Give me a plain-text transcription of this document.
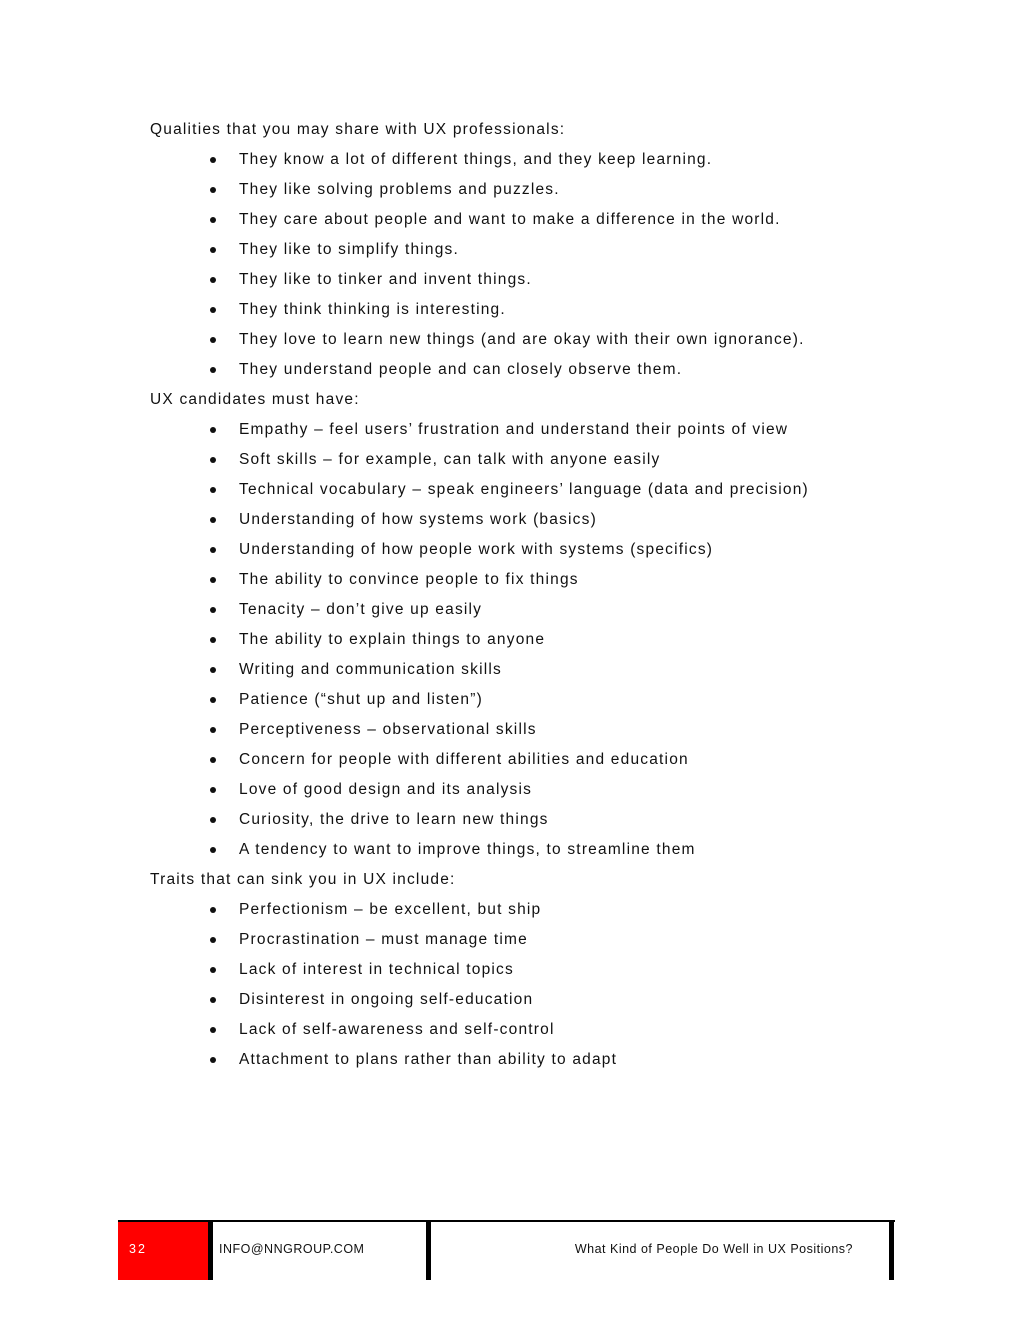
Qualities that you may share with UX professionals:

They know a lot of different things, and they keep learning.
They like solving problems and puzzles.
They care about people and want to make a difference in the world.
They like to simplify things.
They like to tinker and invent things.
They think thinking is interesting.
They love to learn new things (and are okay with their own ignorance).
They understand people and can closely observe them.

UX candidates must have:

Empathy – feel users’ frustration and understand their points of view
Soft skills – for example, can talk with anyone easily
Technical vocabulary – speak engineers’ language (data and precision)
Understanding of how systems work (basics)
Understanding of how people work with systems (specifics)
The ability to convince people to fix things
Tenacity – don’t give up easily
The ability to explain things to anyone
Writing and communication skills
Patience (“shut up and listen”)
Perceptiveness – observational skills
Concern for people with different abilities and education
Love of good design and its analysis
Curiosity, the drive to learn new things
A tendency to want to improve things, to streamline them

Traits that can sink you in UX include:

Perfectionism – be excellent, but ship
Procrastination – must manage time
Lack of interest in technical topics
Disinterest in ongoing self-education
Lack of self-awareness and self-control
Attachment to plans rather than ability to adapt
32	INFO@NNGROUP.COM	What Kind of People Do Well in UX Positions?
